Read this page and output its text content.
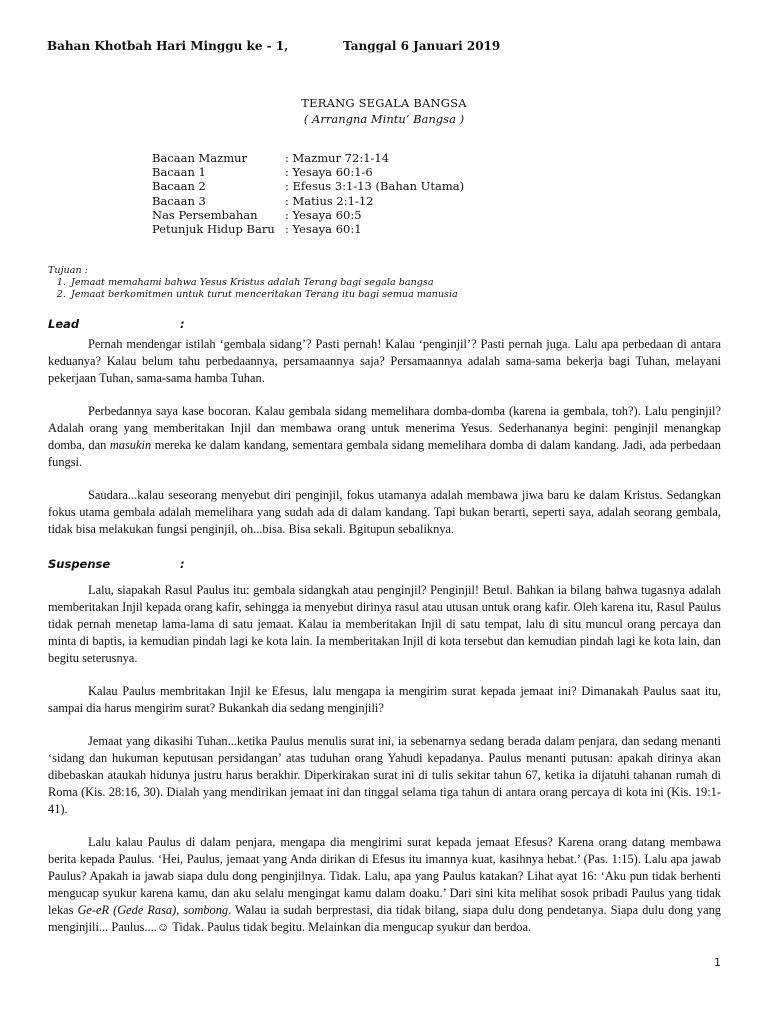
Bahan Khotbah Hari Minggu ke - 1,	Tanggal 6 Januari 2019
TERANG SEGALA BANGSA
( Arrangna Mintu’ Bangsa )
Bacaan Mazmur	: Mazmur 72:1-14
Bacaan 1	: Yesaya 60:1-6
Bacaan 2	: Efesus 3:1-13 (Bahan Utama)
Bacaan 3	: Matius 2:1-12
Nas Persembahan : Yesaya 60:5
Petunjuk Hidup Baru : Yesaya 60:1
Tujuan :
1. Jemaat memahami bahwa Yesus Kristus adalah Terang bagi segala bangsa
2. Jemaat berkomitmen untuk turut menceritakan Terang itu bagi semua manusia
Lead	:

Pernah mendengar istilah ‘gembala sidang’? Pasti pernah! Kalau ‘penginjil’? Pasti pernah juga. Lalu apa perbedaan di antara keduanya? Kalau belum tahu perbedaannya, persamaannya saja? Persamaannya adalah sama-sama bekerja bagi Tuhan, melayani pekerjaan Tuhan, sama-sama hamba Tuhan.

Perbedannya saya kase bocoran. Kalau gembala sidang memelihara domba-domba (karena ia gembala, toh?). Lalu penginjil? Adalah orang yang memberitakan Injil dan membawa orang untuk menerima Yesus. Sederhananya begini: penginjil menangkap domba, dan masukin mereka ke dalam kandang, sementara gembala sidang memelihara domba di dalam kandang. Jadi, ada perbedaan fungsi.

Saudara...kalau seseorang menyebut diri penginjil, fokus utamanya adalah membawa jiwa baru ke dalam Kristus. Sedangkan fokus utama gembala adalah memelihara yang sudah ada di dalam kandang. Tapi bukan berarti, seperti saya, adalah seorang gembala, tidak bisa melakukan fungsi penginjil, oh...bisa. Bisa sekali. Bgitupun sebaliknya.

Suspense	:

Lalu, siapakah Rasul Paulus itu: gembala sidangkah atau penginjil? Penginjil! Betul. Bahkan ia bilang bahwa tugasnya adalah memberitakan Injil kepada orang kafir, sehingga ia menyebut dirinya rasul atau utusan untuk orang kafir. Oleh karena itu, Rasul Paulus tidak pernah menetap lama-lama di satu jemaat. Kalau ia memberitakan Injil di satu tempat, lalu di situ muncul orang percaya dan minta di baptis, ia kemudian pindah lagi ke kota lain. Ia memberitakan Injil di kota tersebut dan kemudian pindah lagi ke kota lain, dan begitu seterusnya.

Kalau Paulus membritakan Injil ke Efesus, lalu mengapa ia mengirim surat kepada jemaat ini? Dimanakah Paulus saat itu, sampai dia harus mengirim surat? Bukankah dia sedang menginjili?

Jemaat yang dikasihi Tuhan...ketika Paulus menulis surat ini, ia sebenarnya sedang berada dalam penjara, dan sedang menanti ‘sidang dan hukuman keputusan persidangan’ atas tuduhan orang Yahudi kepadanya. Paulus menanti putusan: apakah dirinya akan dibebaskan ataukah hidunya justru harus berakhir. Diperkirakan surat ini di tulis sekitar tahun 67, ketika ia dijatuhi tahanan rumah di Roma (Kis. 28:16, 30). Dialah yang mendirikan jemaat ini dan tinggal selama tiga tahun di antara orang percaya di kota ini (Kis. 19:1-41).

Lalu kalau Paulus di dalam penjara, mengapa dia mengirimi surat kepada jemaat Efesus? Karena orang datang membawa berita kepada Paulus. ‘Hei, Paulus, jemaat yang Anda dirikan di Efesus itu imannya kuat, kasihnya hebat.’ (Pas. 1:15). Lalu apa jawab Paulus? Apakah ia jawab siapa dulu dong penginjilnya. Tidak. Lalu, apa yang Paulus katakan? Lihat ayat 16: ‘Aku pun tidak berhenti mengucap syukur karena kamu, dan aku selalu mengingat kamu dalam doaku.’ Dari sini kita melihat sosok pribadi Paulus yang tidak lekas Ge-eR (Gede Rasa), sombong. Walau ia sudah berprestasi, dia tidak bilang, siapa dulu dong pendetanya. Siapa dulu dong yang menginjili... Paulus....☺ Tidak. Paulus tidak begitu. Melainkan dia mengucap syukur dan berdoa.

1
